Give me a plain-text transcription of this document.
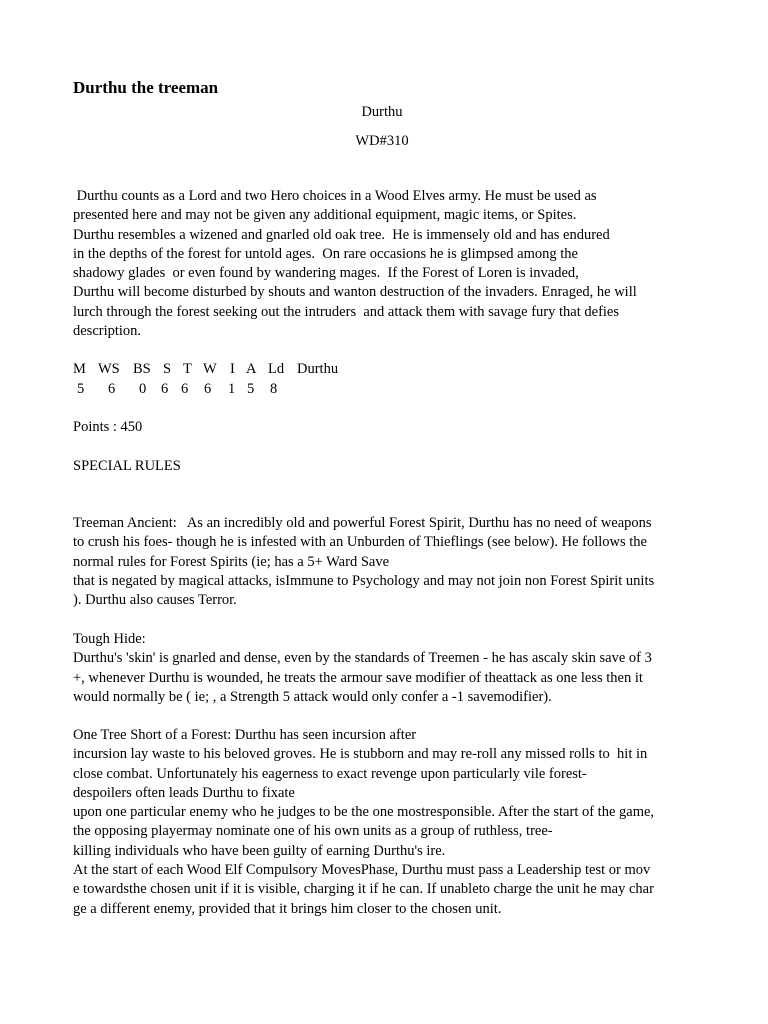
Durthu the treeman
Durthu
WD#310
Durthu counts as a Lord and two Hero choices in a Wood Elves army. He must be used as
presented here and may not be given any additional equipment, magic items, or Spites.
Durthu resembles a wizened and gnarled old oak tree.  He is immensely old and has endured
in the depths of the forest for untold ages.  On rare occasions he is glimpsed among the
shadowy glades  or even found by wandering mages.  If the Forest of Loren is invaded,
Durthu will become disturbed by shouts and wanton destruction of the invaders. Enraged, he will
lurch through the forest seeking out the intruders  and attack them with savage fury that defies
description.
M WS BS S T W I A Ld Durthu
5 6 0 6 6 6 1 5 8
Points : 450
SPECIAL RULES
Treeman Ancient:   As an incredibly old and powerful Forest Spirit, Durthu has no need of weapons
to crush his foes- though he is infested with an Unburden of Thieflings (see below). He follows the
normal rules for Forest Spirits (ie; has a 5+ Ward Save
that is negated by magical attacks, isImmune to Psychology and may not join non Forest Spirit units
). Durthu also causes Terror.
Tough Hide:
Durthu's 'skin' is gnarled and dense, even by the standards of Treemen - he has ascaly skin save of 3
+, whenever Durthu is wounded, he treats the armour save modifier of theattack as one less then it
would normally be ( ie; , a Strength 5 attack would only confer a -1 savemodifier).
One Tree Short of a Forest: Durthu has seen incursion after
incursion lay waste to his beloved groves. He is stubborn and may re-roll any missed rolls to  hit in
close combat. Unfortunately his eagerness to exact revenge upon particularly vile forest-
despoilers often leads Durthu to fixate
upon one particular enemy who he judges to be the one mostresponsible. After the start of the game,
the opposing playermay nominate one of his own units as a group of ruthless, tree-
killing individuals who have been guilty of earning Durthu's ire.
At the start of each Wood Elf Compulsory MovesPhase, Durthu must pass a Leadership test or mov
e towardsthe chosen unit if it is visible, charging it if he can. If unableto charge the unit he may char
ge a different enemy, provided that it brings him closer to the chosen unit.
